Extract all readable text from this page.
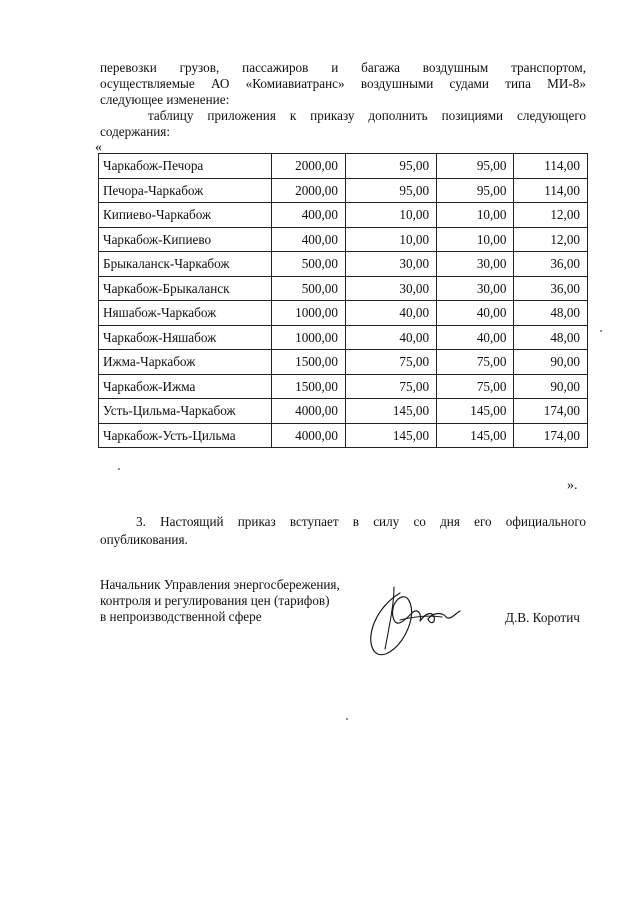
перевозки грузов, пассажиров и багажа воздушным транспортом,
осуществляемые АО «Комиавиатранс» воздушными судами типа МИ-8»
следующее изменение:
таблицу приложения к приказу дополнить позициями следующего
содержания:
«
Чаркабож-Печора	2000,00	95,00	95,00	114,00
Печора-Чаркабож	2000,00	95,00	95,00	114,00
Кипиево-Чаркабож	400,00	10,00	10,00	12,00
Чаркабож-Кипиево	400,00	10,00	10,00	12,00
Брыкаланск-Чаркабож	500,00	30,00	30,00	36,00
Чаркабож-Брыкаланск	500,00	30,00	30,00	36,00
Няшабож-Чаркабож	1000,00	40,00	40,00	48,00
Чаркабож-Няшабож	1000,00	40,00	40,00	48,00
Ижма-Чаркабож	1500,00	75,00	75,00	90,00
Чаркабож-Ижма	1500,00	75,00	75,00	90,00
Усть-Цильма-Чаркабож	4000,00	145,00	145,00	174,00
Чаркабож-Усть-Цильма	4000,00	145,00	145,00	174,00
».
3. Настоящий приказ вступает в силу со дня его официального
опубликования.
Начальник Управления энергосбережения,
контроля и регулирования цен (тарифов)
в непроизводственной сфере	Д.В. Коротич
